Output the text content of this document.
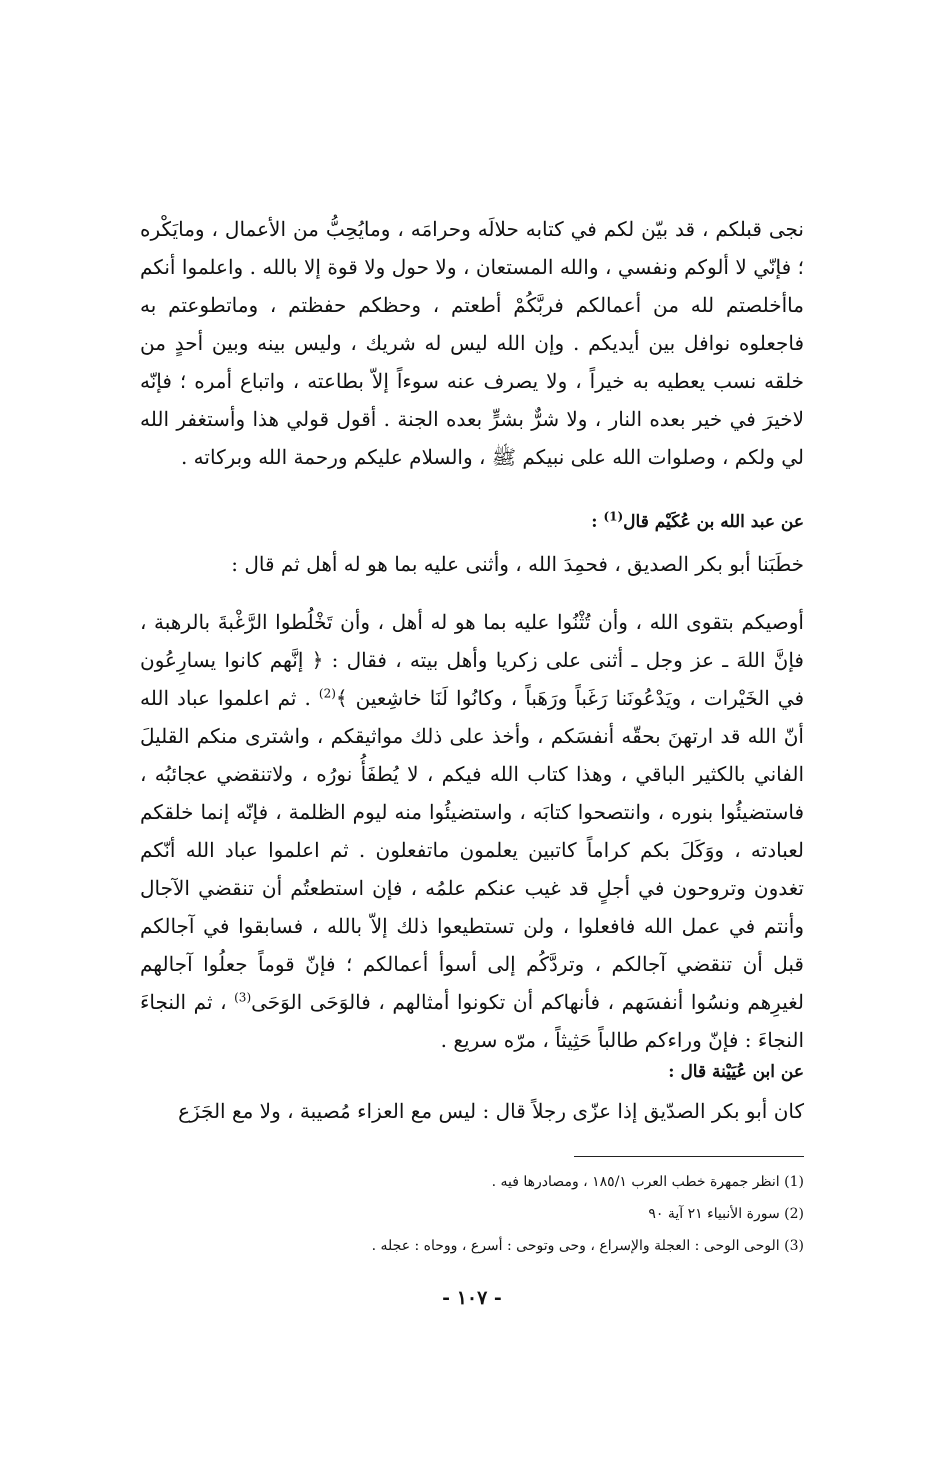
نجى قبلكم ، قد بيّن لكم في كتابه حلالَه وحرامَه ، ومايُحِبُّ من الأعمال ، ومايَكْره ؛ فإنّي لا ألوكم ونفسي ، والله المستعان ، ولا حول ولا قوة إلا بالله . واعلموا أنكم ماأخلصتم لله من أعمالكم فربَّكُمْ أطعتم ، وحظكم حفظتم ، وماتطوعتم به فاجعلوه نوافل بين أيديكم . وإن الله ليس له شريك ، وليس بينه وبين أحدٍ من خلقه نسب يعطيه به خيراً ، ولا يصرف عنه سوءاً إلاّ بطاعته ، واتباع أمره ؛ فإنّه لاخيرَ في خير بعده النار ، ولا شرٌّ بشرٍّ بعده الجنة . أقول قولي هذا وأستغفر الله لي ولكم ، وصلوات الله على نبيكم ﷺ ، والسلام عليكم ورحمة الله وبركاته .

عن عبد الله بن عُكَيْم قال$^{(1)}$ :

خطَبَنا أبو بكر الصديق ، فحمِدَ الله ، وأثنى عليه بما هو له أهل ثم قال :

أوصيكم بتقوى الله ، وأن تُثْنُوا عليه بما هو له أهل ، وأن تَخْلُطوا الرَّغْبةَ بالرهبة ، فإنَّ اللهَ ـ عز وجل ـ أثنى على زكريا وأهل بيته ، فقال : ﴿ إنَّهم كانوا يسارِعُون في الخَيْرات ، ويَدْعُونَنا رَغَباً ورَهَباً ، وكانُوا لَنَا خاشِعين ﴾$^{(2)}$ . ثم اعلموا عباد الله أنّ الله قد ارتهنَ بحقّه أنفسَكم ، وأخذ على ذلك مواثيقكم ، واشترى منكم القليلَ الفاني بالكثير الباقي ، وهذا كتاب الله فيكم ، لا يُطفَأُ نورُه ، ولاتنقضي عجائبُه ، فاستضيئُوا بنوره ، وانتصحوا كتابَه ، واستضيئُوا منه ليوم الظلمة ، فإنّه إنما خلقكم لعبادته ، ووَكَلَ بكم كراماً كاتبين يعلمون ماتفعلون . ثم اعلموا عباد الله أنّكم تغدون وتروحون في أجلٍ قد غيب عنكم علمُه ، فإن استطعتُم أن تنقضي الآجال وأنتم في عمل الله فافعلوا ، ولن تستطيعوا ذلك إلاّ بالله ، فسابقوا في آجالكم قبل أن تنقضي آجالكم ، وتردَّكُم إلى أسوأ أعمالكم ؛ فإنّ قوماً جعلُوا آجالهم لغيرِهم ونسُوا أنفسَهم ، فأنهاكم أن تكونوا أمثالهم ، فالوَحَى الوَحَى$^{(3)}$ ، ثم النجاءَ النجاءَ : فإنّ وراءكم طالباً حَثِيثاً ، مرّه سريع .

عن ابن عُيَيْنة قال :

كان أبو بكر الصدّيق إذا عزّى رجلاً قال : ليس مع العزاء مُصيبة ، ولا مع الجَزَع

(1) انظر جمهرة خطب العرب ١٨٥/١ ، ومصادرها فيه .
(2) سورة الأنبياء ٢١ آية ٩٠
(3) الوحى الوحى : العجلة والإسراع ، وحى وتوحى : أسرع ، ووحاه : عجله .
- ١٠٧ -
